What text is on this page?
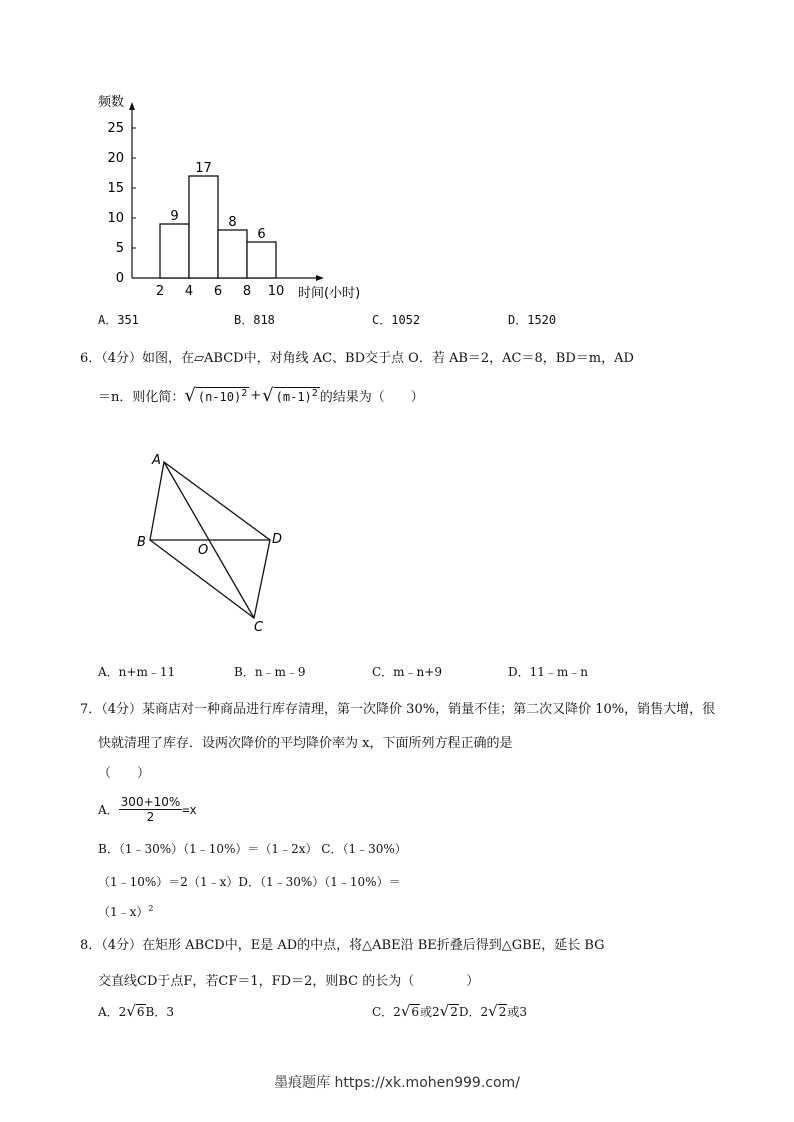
0
5
10
15
20
25
频数
2 4 6 8 10 时间(小时)
9
17
8
6
A．351	B．818	C．1052	D．1520
6．（4分）如图，在▱ABCD中，对角线 AC、BD交于点 O．若 AB＝2，AC＝8，BD＝m，AD
＝n．则化简： √ $(n-10)^2$ + √ $(m-1)^2$ 的结果为（　　）
A
B	D
C
O
A．n+m﹣11	B．n﹣m﹣9	C．m﹣n+9	D．11﹣m﹣n
7．（4分）某商店对一种商品进行库存清理，第一次降价 30%，销量不佳；第二次又降价 10%，销售大增，很
快就清理了库存．设两次降价的平均降价率为 x，下面所列方程正确的是
（　　）
A． $\frac{300+10\%}{2} =x$
B．（1﹣30%）（1﹣10%）＝（1﹣2x） C．（1﹣30%）
（1﹣10%）＝2（1﹣x）D．（1﹣30%）（1﹣10%）＝
（1﹣x）$^2$
8．（4分）在矩形 ABCD中，E是 AD的中点，将△ABE沿 BE折叠后得到△GBE，延长 BG
交直线CD于点F，若CF＝1，FD＝2，则BC 的长为（　　　　）
A．2 √ 6 B．3	C．2 √ 6 或2 √ 2 D．2 √ 2 或3
墨痕题库 https://xk.mohen999.com/
